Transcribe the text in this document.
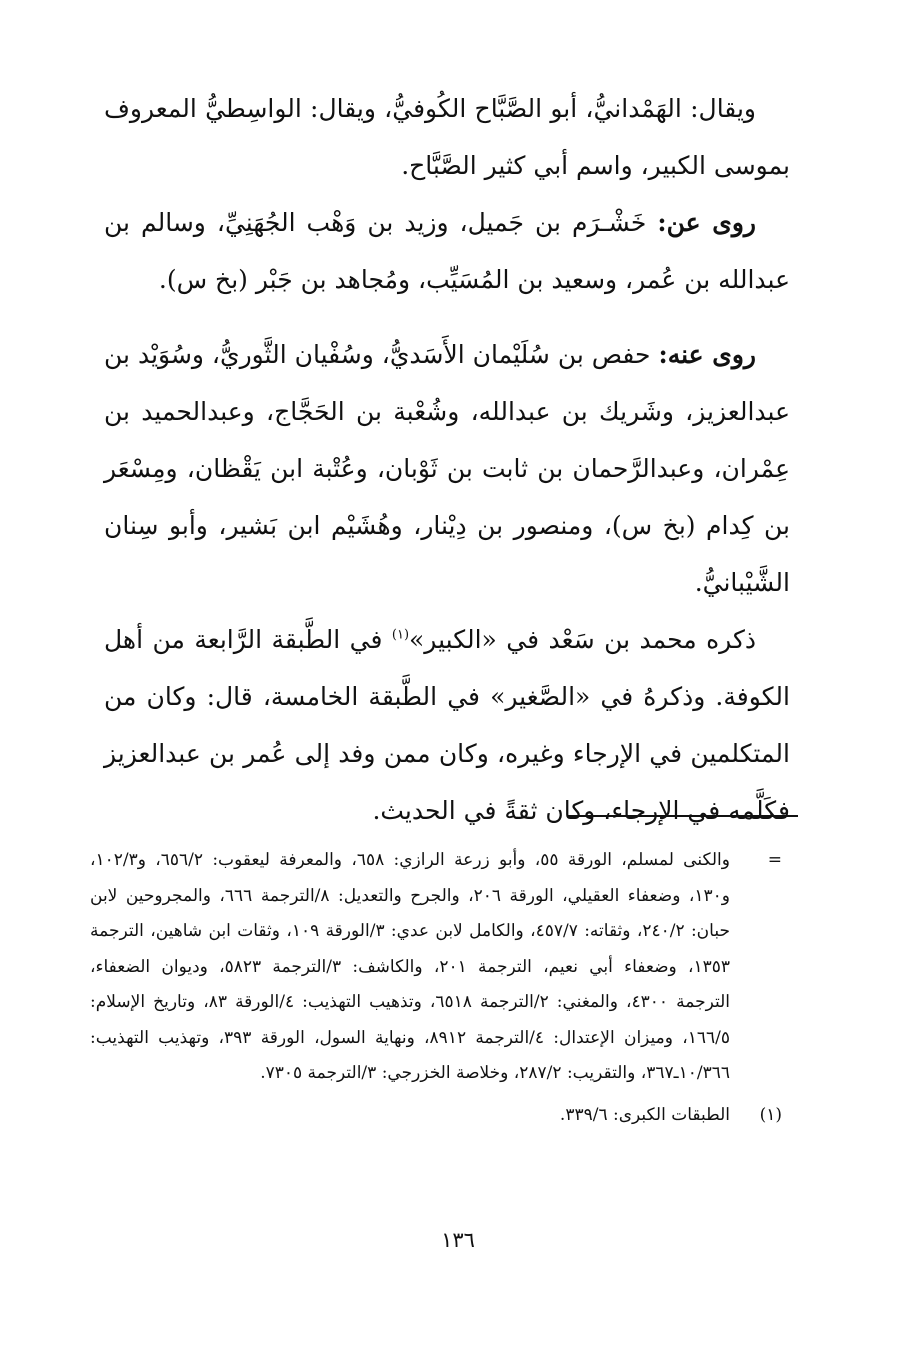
ويقال: الهَمْدانيُّ، أبو الصَّبَّاح الكُوفيُّ، ويقال: الواسِطيُّ المعروف بموسى الكبير، واسم أبي كثير الصَّبَّاح.

روى عن: خَشْـرَم بن جَميل، وزيد بن وَهْب الجُهَنِيِّ، وسالم بن عبدالله بن عُمر، وسعيد بن المُسَيِّب، ومُجاهد بن جَبْر (بخ س).

روى عنه: حفص بن سُلَيْمان الأَسَديُّ، وسُفْيان الثَّوريُّ، وسُوَيْد بن عبدالعزيز، وشَريك بن عبدالله، وشُعْبة بن الحَجَّاج، وعبدالحميد بن عِمْران، وعبدالرَّحمان بن ثابت بن ثَوْبان، وعُتْبة ابن يَقْظان، ومِسْعَر بن كِدام (بخ س)، ومنصور بن دِيْنار، وهُشَيْم ابن بَشير، وأبو سِنان الشَّيْبانيُّ.

ذكره محمد بن سَعْد في «الكبير»$^{(١)}$ في الطَّبقة الرَّابعة من أهل الكوفة. وذكرهُ في «الصَّغير» في الطَّبقة الخامسة، قال: وكان من المتكلمين في الإرجاء وغيره، وكان ممن وفد إلى عُمر بن عبدالعزيز فكَلَّمه في الإرجاء، وكان ثقةً في الحديث.

=
والكنى لمسلم، الورقة ٥٥، وأبو زرعة الرازي: ٦٥٨، والمعرفة ليعقوب: ٦٥٦/٢، و١٠٢/٣، و١٣٠، وضعفاء العقيلي، الورقة ٢٠٦، والجرح والتعديل: ٨/الترجمة ٦٦٦، والمجروحين لابن حبان: ٢٤٠/٢، وثقاته: ٤٥٧/٧، والكامل لابن عدي: ٣/الورقة ١٠٩، وثقات ابن شاهين، الترجمة ١٣٥٣، وضعفاء أبي نعيم، الترجمة ٢٠١، والكاشف: ٣/الترجمة ٥٨٢٣، وديوان الضعفاء، الترجمة ٤٣٠٠، والمغني: ٢/الترجمة ٦٥١٨، وتذهيب التهذيب: ٤/الورقة ٨٣، وتاريخ الإسلام: ١٦٦/٥، وميزان الإعتدال: ٤/الترجمة ٨٩١٢، ونهاية السول، الورقة ٣٩٣، وتهذيب التهذيب: ١٠/٣٦٦ـ٣٦٧، والتقريب: ٢٨٧/٢، وخلاصة الخزرجي: ٣/الترجمة ٧٣٠٥.
(١)
الطبقات الكبرى: ٣٣٩/٦.
١٣٦
